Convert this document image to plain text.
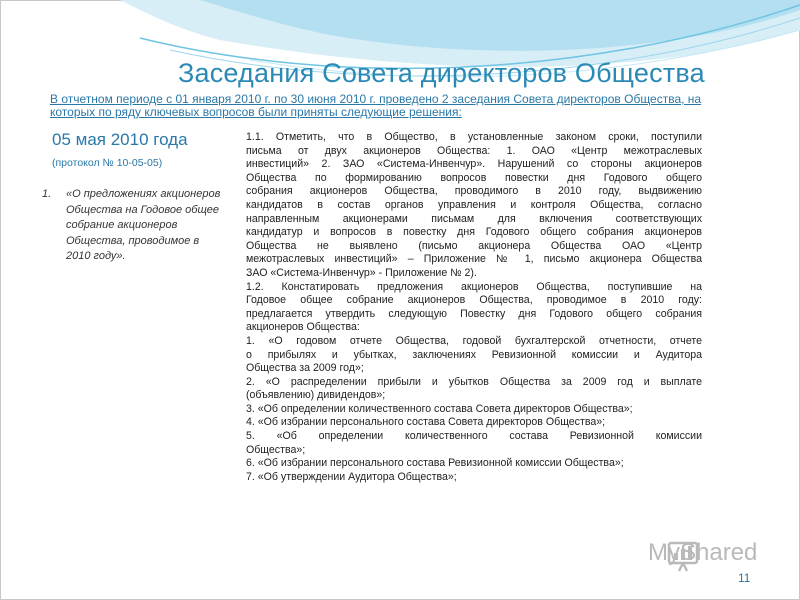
Заседания Совета директоров Общества
В отчетном периоде с 01 января 2010 г. по 30 июня 2010 г. проведено 2 заседания Совета директоров Общества, на которых по ряду ключевых вопросов были приняты следующие решения:
05 мая 2010 года
(протокол № 10-05-05)
1. «О предложениях акционеров Общества на Годовое общее собрание акционеров Общества, проводимое в 2010 году».

1.1. Отметить, что в Общество, в установленные законом сроки, поступили

письма от двух акционеров Общества: 1. ОАО «Центр межотраслевых

инвестиций» 2. ЗАО «Система-Инвенчур». Нарушений со стороны акционеров

Общества по формированию вопросов повестки дня Годового общего

собрания акционеров Общества, проводимого в 2010 году, выдвижению

кандидатов в состав органов управления и контроля Общества, согласно

направленным акционерами письмам для включения соответствующих

кандидатур и вопросов в повестку дня Годового общего собрания акционеров

Общества не выявлено (письмо акционера Общества ОАО «Центр

межотраслевых инвестиций» – Приложение № 1, письмо акционера Общества

ЗАО «Система-Инвенчур» - Приложение № 2).

1.2. Констатировать предложения акционеров Общества, поступившие на

Годовое общее собрание акционеров Общества, проводимое в 2010 году:

предлагается утвердить следующую Повестку дня Годового общего собрания

акционеров Общества:

1. «О годовом отчете Общества, годовой бухгалтерской отчетности, отчете

о прибылях и убытках, заключениях Ревизионной комиссии и Аудитора

Общества за 2009 год»;

2. «О распределении прибыли и убытков Общества за 2009 год и выплате

(объявлению) дивидендов»;

3. «Об определении количественного состава Совета директоров Общества»;

4. «Об избрании персонального состава Совета директоров Общества»;

5. «Об определении количественного состава Ревизионной комиссии

Общества»;

6. «Об избрании персонального состава Ревизионной комиссии Общества»;

7. «Об утверждении Аудитора Общества»;

MyShared
11
